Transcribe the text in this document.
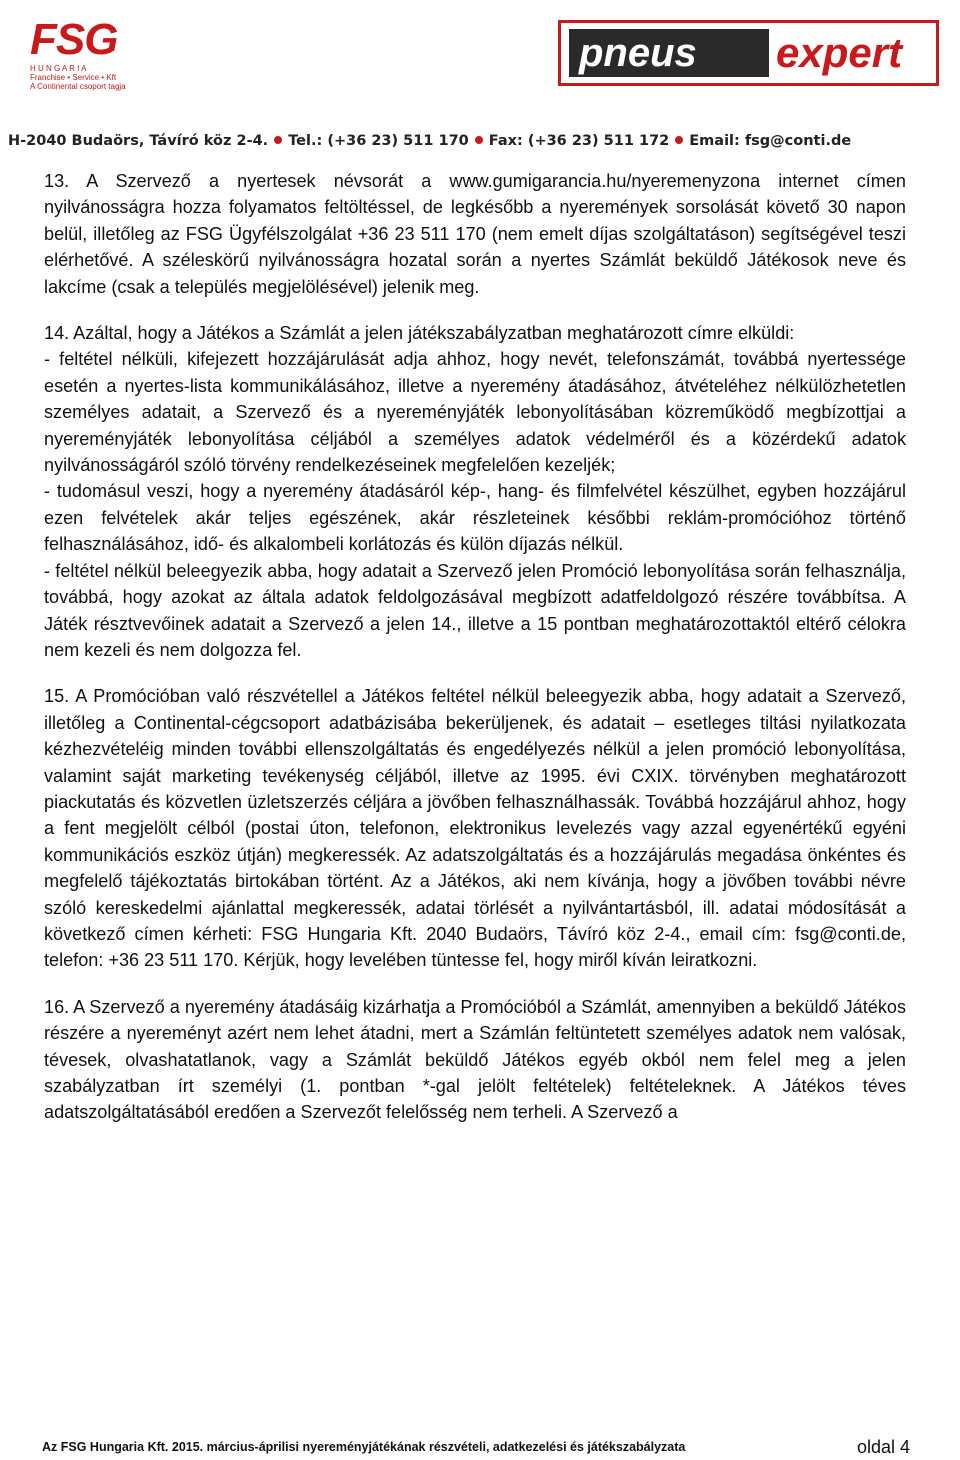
FSG
H U N G A R I A
Franchise • Service • Kft
A Continental csoport tagja
pneus	expert
H-2040 Budaörs, Távíró köz 2-4. Tel.: (+36 23) 511 170 Fax: (+36 23) 511 172 Email: fsg@conti.de

13. A Szervező a nyertesek névsorát a www.gumigarancia.hu/nyeremenyzona internet címen nyilvánosságra hozza folyamatos feltöltéssel, de legkésőbb a nyeremények sorsolását követő 30 napon belül, illetőleg az FSG Ügyfélszolgálat +36 23 511 170 (nem emelt díjas szolgáltatáson) segítségével teszi elérhetővé. A széleskörű nyilvánosságra hozatal során a nyertes Számlát beküldő Játékosok neve és lakcíme (csak a település megjelölésével) jelenik meg.

14. Azáltal, hogy a Játékos a Számlát a jelen játékszabályzatban meghatározott címre elküldi:

- feltétel nélküli, kifejezett hozzájárulását adja ahhoz, hogy nevét, telefonszámát, továbbá nyertessége esetén a nyertes-lista kommunikálásához, illetve a nyeremény átadásához, átvételéhez nélkülözhetetlen személyes adatait, a Szervező és a nyereményjáték lebonyolításában közreműködő megbízottjai a nyereményjáték lebonyolítása céljából a személyes adatok védelméről és a közérdekű adatok nyilvánosságáról szóló törvény rendelkezéseinek megfelelően kezeljék;

- tudomásul veszi, hogy a nyeremény átadásáról kép-, hang- és filmfelvétel készülhet, egyben hozzájárul ezen felvételek akár teljes egészének, akár részleteinek későbbi reklám-promócióhoz történő felhasználásához, idő- és alkalombeli korlátozás és külön díjazás nélkül.

- feltétel nélkül beleegyezik abba, hogy adatait a Szervező jelen Promóció lebonyolítása során felhasználja, továbbá, hogy azokat az általa adatok feldolgozásával megbízott adatfeldolgozó részére továbbítsa. A Játék résztvevőinek adatait a Szervező a jelen 14., illetve a 15 pontban meghatározottaktól eltérő célokra nem kezeli és nem dolgozza fel.

15. A Promócióban való részvétellel a Játékos feltétel nélkül beleegyezik abba, hogy adatait a Szervező, illetőleg a Continental-cégcsoport adatbázisába bekerüljenek, és adatait – esetleges tiltási nyilatkozata kézhezvételéig minden további ellenszolgáltatás és engedélyezés nélkül a jelen promóció lebonyolítása, valamint saját marketing tevékenység céljából, illetve az 1995. évi CXIX. törvényben meghatározott piackutatás és közvetlen üzletszerzés céljára a jövőben felhasználhassák. Továbbá hozzájárul ahhoz, hogy a fent megjelölt célból (postai úton, telefonon, elektronikus levelezés vagy azzal egyenértékű egyéni kommunikációs eszköz útján) megkeressék. Az adatszolgáltatás és a hozzájárulás megadása önkéntes és megfelelő tájékoztatás birtokában történt. Az a Játékos, aki nem kívánja, hogy a jövőben további névre szóló kereskedelmi ajánlattal megkeressék, adatai törlését a nyilvántartásból, ill. adatai módosítását a következő címen kérheti: FSG Hungaria Kft. 2040 Budaörs, Távíró köz 2-4., email cím: fsg@conti.de, telefon: +36 23 511 170. Kérjük, hogy levelében tüntesse fel, hogy miről kíván leiratkozni.

16. A Szervező a nyeremény átadásáig kizárhatja a Promócióból a Számlát, amennyiben a beküldő Játékos részére a nyereményt azért nem lehet átadni, mert a Számlán feltüntetett személyes adatok nem valósak, tévesek, olvashatatlanok, vagy a Számlát beküldő Játékos egyéb okból nem felel meg a jelen szabályzatban írt személyi (1. pontban *-gal jelölt feltételek) feltételeknek. A Játékos téves adatszolgáltatásából eredően a Szervezőt felelősség nem terheli. A Szervező a

Az FSG Hungaria Kft. 2015. március-áprilisi nyereményjátékának részvételi, adatkezelési és játékszabályzata	oldal 4
